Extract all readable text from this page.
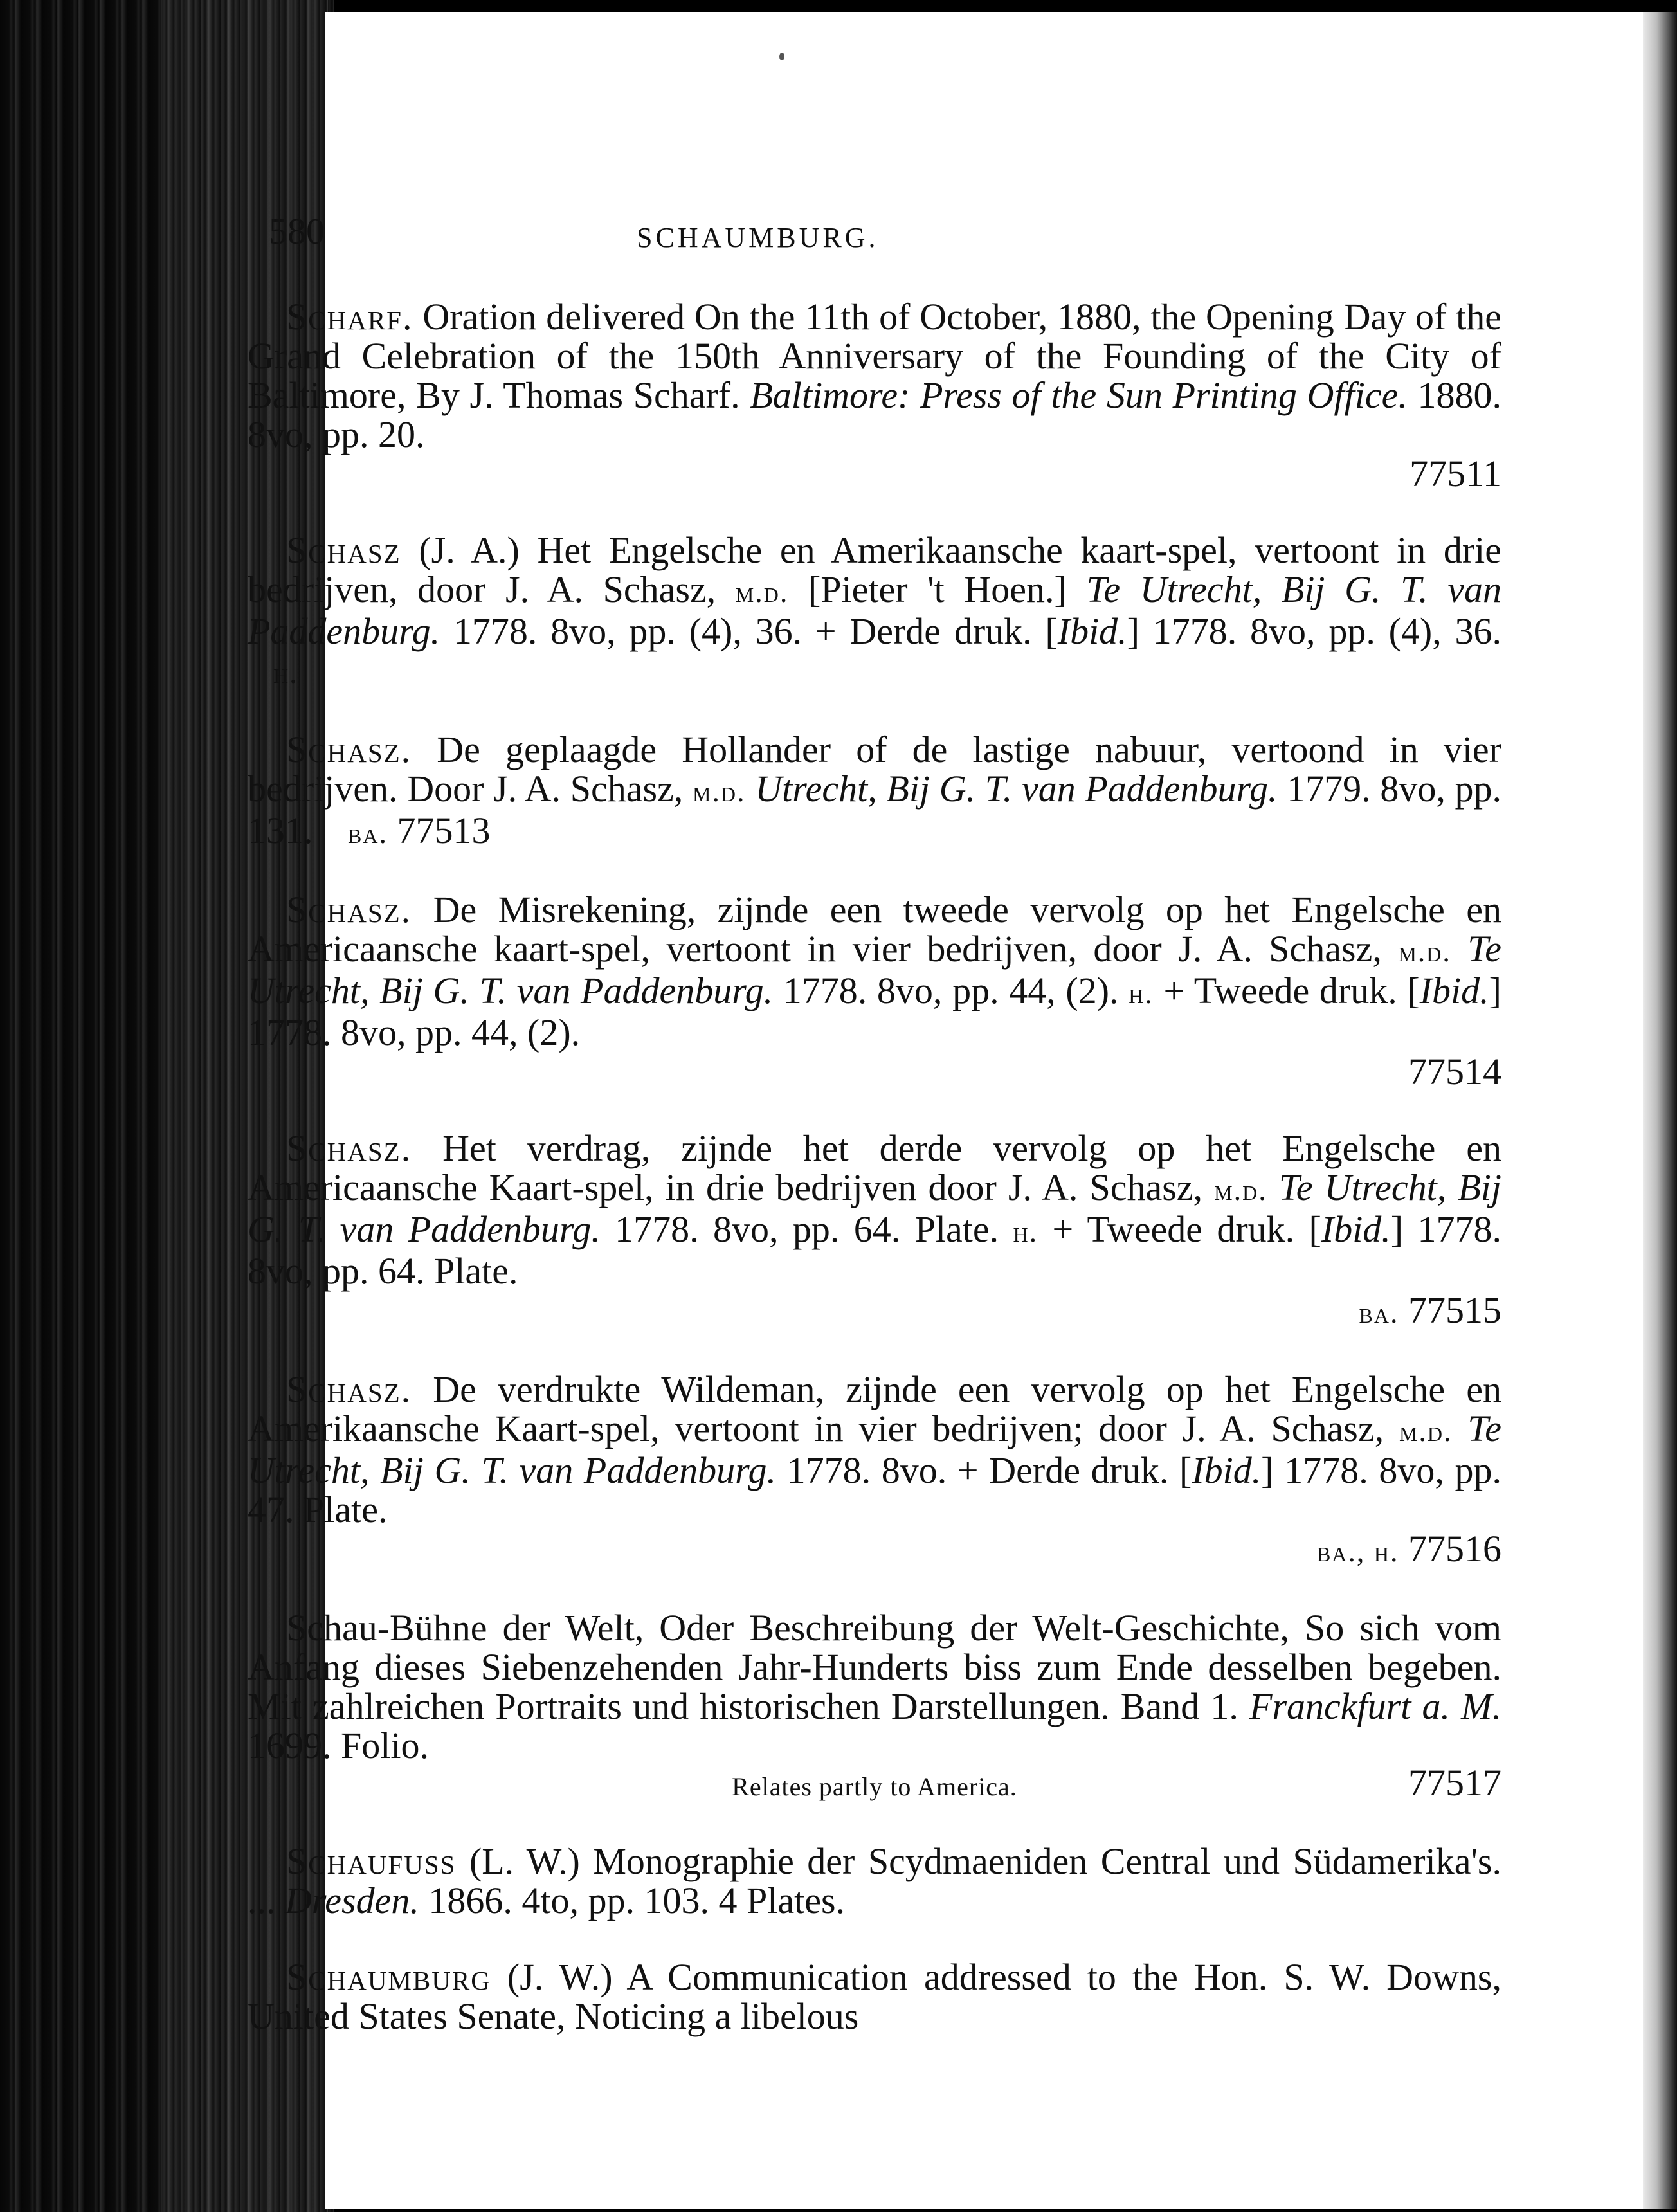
580	SCHAUMBURG.

Scharf. Oration delivered On the 11th of October, 1880, the Opening Day of the Grand Celebration of the 150th Anniversary of the Founding of the City of Baltimore, By J. Thomas Scharf. Baltimore: Press of the Sun Printing Office. 1880. 8vo, pp. 20.

77511

Schasz (J. A.) Het Engelsche en Amerikaansche kaart-spel, vertoont in drie bedrijven, door J. A. Schasz, m.d. [Pieter 't Hoen.] Te Utrecht, Bij G. T. van Paddenburg. 1778. 8vo, pp. (4), 36. + Derde druk. [Ibid.] 1778. 8vo, pp. (4), 36. h.

Schasz. De geplaagde Hollander of de lastige nabuur, vertoond in vier bedrijven. Door J. A. Schasz, m.d. Utrecht, Bij G. T. van Paddenburg. 1779. 8vo, pp. 131. ba. 77513

Schasz. De Misrekening, zijnde een tweede vervolg op het Engelsche en Americaansche kaart-spel, vertoont in vier bedrijven, door J. A. Schasz, m.d. Te Utrecht, Bij G. T. van Paddenburg. 1778. 8vo, pp. 44, (2). h. + Tweede druk. [Ibid.] 1778. 8vo, pp. 44, (2).

77514

Schasz. Het verdrag, zijnde het derde vervolg op het Engelsche en Americaansche Kaart-spel, in drie bedrijven door J. A. Schasz, m.d. Te Utrecht, Bij G. T. van Paddenburg. 1778. 8vo, pp. 64. Plate. h. + Tweede druk. [Ibid.] 1778. 8vo, pp. 64. Plate.

ba. 77515

Schasz. De verdrukte Wildeman, zijnde een vervolg op het Engelsche en Amerikaansche Kaart-spel, vertoont in vier bedrijven; door J. A. Schasz, m.d. Te Utrecht, Bij G. T. van Paddenburg. 1778. 8vo. + Derde druk. [Ibid.] 1778. 8vo, pp. 47. Plate.

ba., h. 77516

Schau-Bühne der Welt, Oder Beschreibung der Welt-Geschichte, So sich vom Anfang dieses Siebenzehenden Jahr-Hunderts biss zum Ende desselben begeben. Mit zahlreichen Portraits und historischen Darstellungen. Band 1. Franckfurt a. M. 1699. Folio.

Relates partly to America.	77517

Schaufuss (L. W.) Monographie der Scydmaeniden Central und Südamerika's. ... Dresden. 1866. 4to, pp. 103. 4 Plates.

Schaumburg (J. W.) A Communication addressed to the Hon. S. W. Downs, United States Senate, Noticing a libelous
